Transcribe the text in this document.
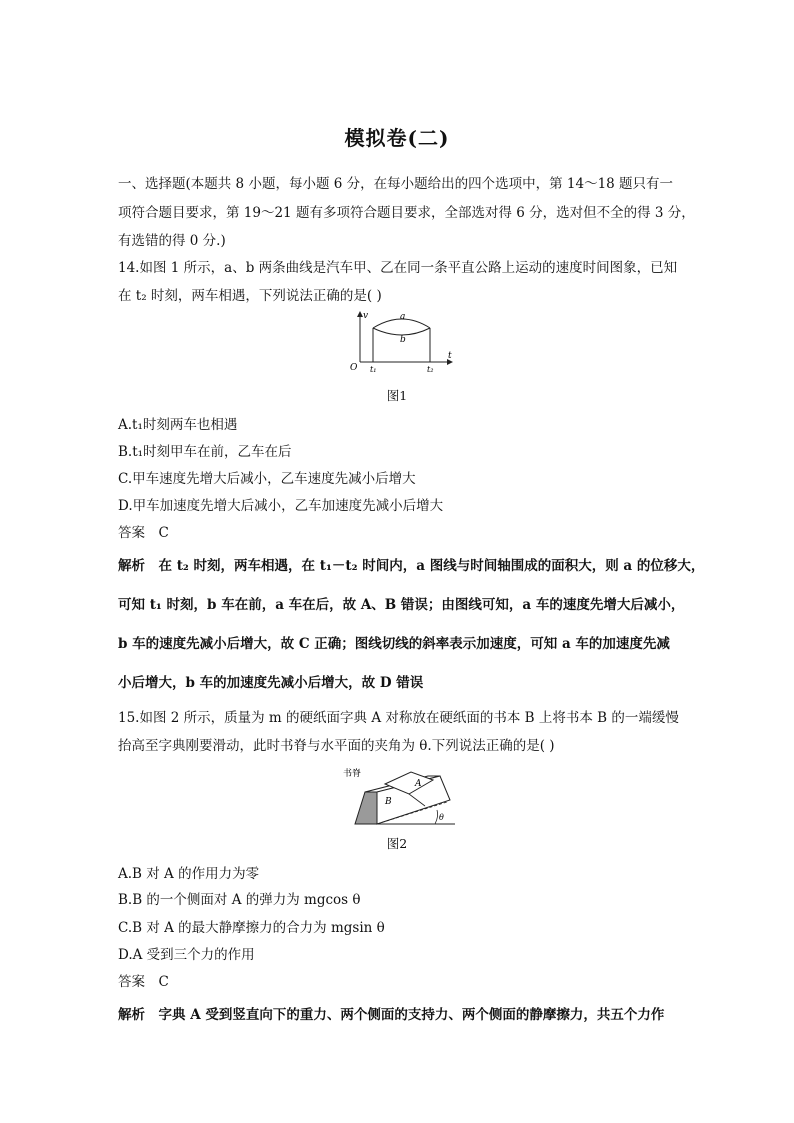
模拟卷(二)
一、选择题(本题共 8 小题，每小题 6 分，在每小题给出的四个选项中，第 14～18 题只有一
项符合题目要求，第 19～21 题有多项符合题目要求，全部选对得 6 分，选对但不全的得 3 分，
有选错的得 0 分.)
14.如图 1 所示，a、b 两条曲线是汽车甲、乙在同一条平直公路上运动的速度时间图象，已知
在 t₂ 时刻，两车相遇，下列说法正确的是( )
v
t
O
a
b
t₁	t₂
图1
A.t₁时刻两车也相遇
B.t₁时刻甲车在前，乙车在后
C.甲车速度先增大后减小，乙车速度先减小后增大
D.甲车加速度先增大后减小，乙车加速度先减小后增大
答案　C
解析　在 t₂ 时刻，两车相遇，在 t₁－t₂ 时间内，a 图线与时间轴围成的面积大，则 a 的位移大，
可知 t₁ 时刻，b 车在前，a 车在后，故 A、B 错误；由图线可知，a 车的速度先增大后减小，
b 车的速度先减小后增大，故 C 正确；图线切线的斜率表示加速度，可知 a 车的加速度先减
小后增大，b 车的加速度先减小后增大，故 D 错误
15.如图 2 所示，质量为 m 的硬纸面字典 A 对称放在硬纸面的书本 B 上将书本 B 的一端缓慢
抬高至字典刚要滑动，此时书脊与水平面的夹角为 θ.下列说法正确的是( )
书脊
A
B
θ
图2
A.B 对 A 的作用力为零
B.B 的一个侧面对 A 的弹力为 mgcos θ
C.B 对 A 的最大静摩擦力的合力为 mgsin θ
D.A 受到三个力的作用
答案　C
解析　字典 A 受到竖直向下的重力、两个侧面的支持力、两个侧面的静摩擦力，共五个力作
